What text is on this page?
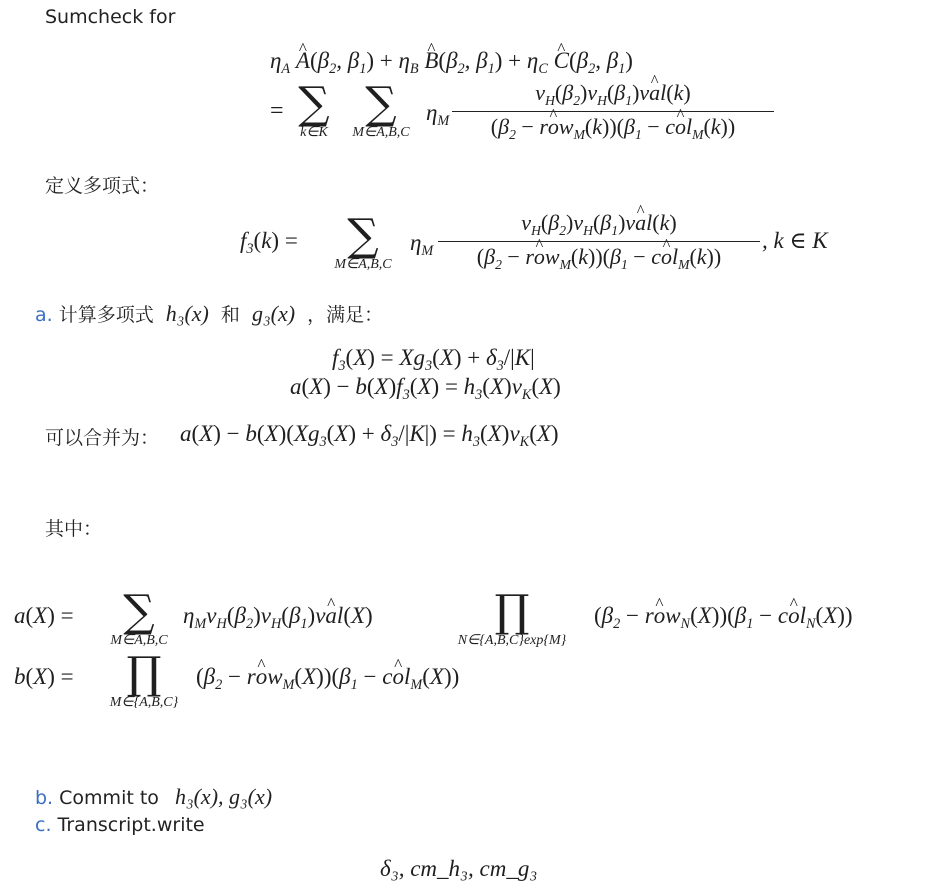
Sumcheck for
$\eta_A$ ^ $A(\beta_2$, $\beta_1) + \eta_B$ ^ $B(\beta_2$, $\beta_1) + \eta_C$ ^ $C(\beta_2$, $\beta_1$)
= ∑
k∈K
∑
M∈A,B,C
$\eta_M$
$v_H(\beta_2)v_H(\beta_1)v\^{}$ al(k)
($\beta_2$ − r^ $ow_M(k))(\beta_1$ − c^ $ol_M(k)$)
定义多项式：
$f_3(k)$ =	∑
M∈A,B,C
$\eta_M$
$v_H(\beta_2)v_H(\beta_1)v\^{}$ al(k)
($\beta_2$ − r^ $ow_M(k))(\beta_1$ − c^ $ol_M(k)$)
, k ∈ K
a. 计算多项式 h₃(x) 和 g₃(x) ，满足：
$f_3(X) = Xg_3(X) + \delta_3/|K|$
$a(X) - b(X)f_3(X) = h_3(X)v_K(X)$
可以合并为： $a(X) - b(X)(Xg_3(X) + \delta_3/|K|) = h_3(X)v_K(X)$
其中：
a(X) =	∑
M∈A,B,C
$\eta_Mv_H(\beta_2)v_H(\beta_1)v\^{}$ al(X)	∏
N∈{A,B,C}exp{M}
($\beta_2$ − r^ $ow_N(X))(\beta_1$ − c^ $ol_N(X)$)
b(X) =	∏
M∈{A,B,C}
($\beta_2$ − r^ $ow_M(X))(\beta_1$ − c^ $ol_M(X)$)
b. Commit to h₃(x), g₃(x)
c. Transcript.write
δ₃, cm_h₃, cm_g₃
